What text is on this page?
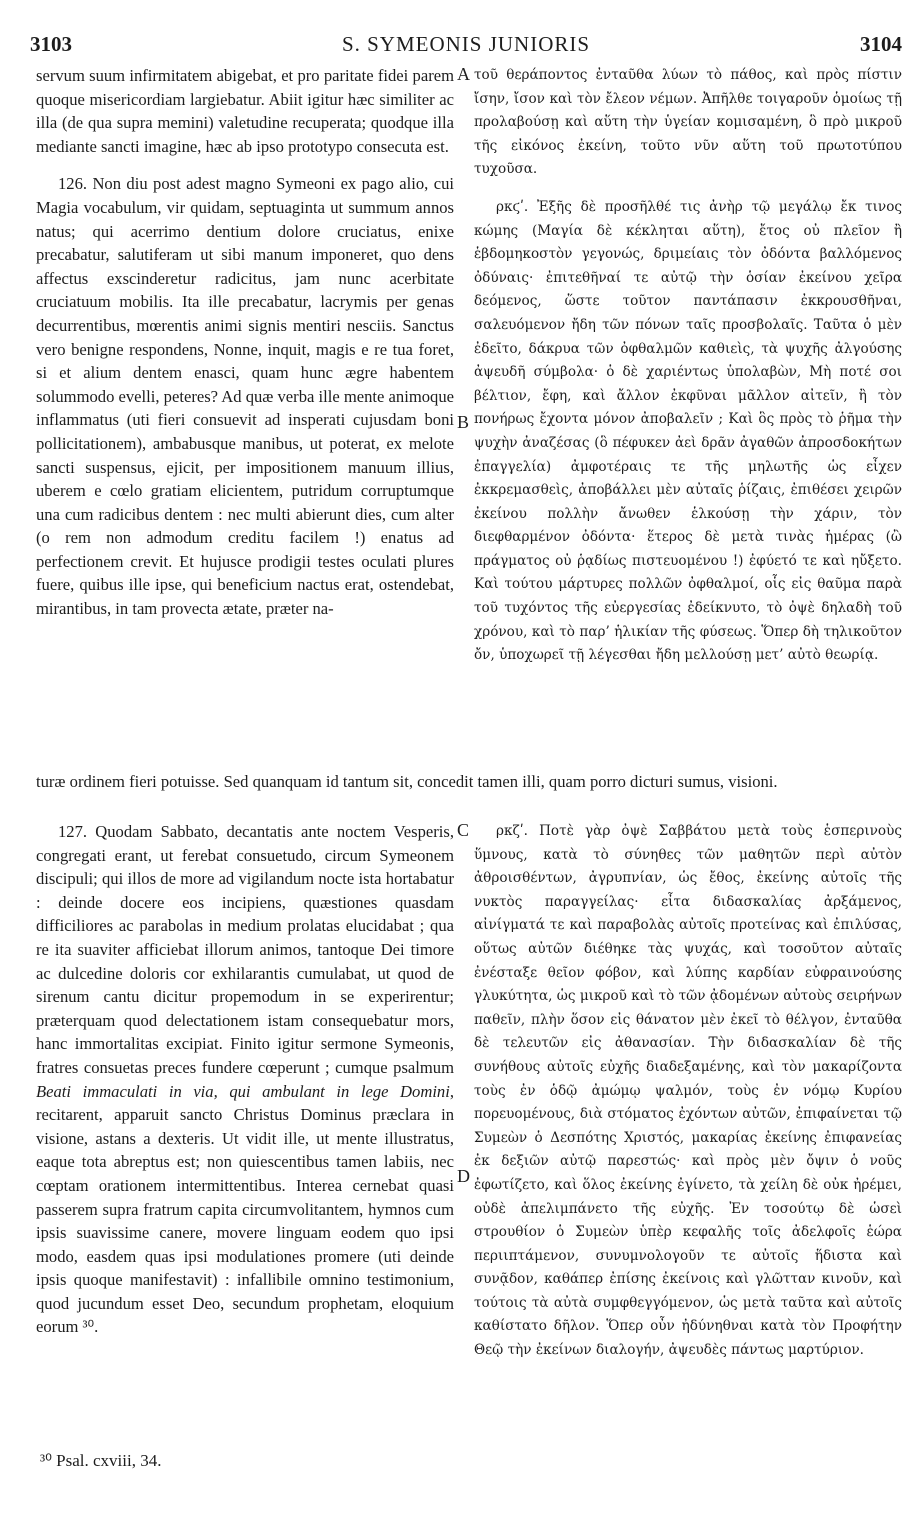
3103	S. SYMEONIS JUNIORIS	3104

servum suum infirmitatem abigebat, et pro paritate fidei parem quoque misericordiam largiebatur. Abiit igitur hæc similiter ac illa (de qua supra memini) valetudine recuperata; quodque illa mediante sancti imagine, hæc ab ipso prototypo consecuta est.

126. Non diu post adest magno Symeoni ex pago alio, cui Magia vocabulum, vir quidam, septuaginta ut summum annos natus; qui acerrimo dentium dolore cruciatus, enixe precabatur, salutiferam ut sibi manum imponeret, quo dens affectus exscinderetur radicitus, jam nunc acerbitate cruciatuum mobilis. Ita ille precabatur, lacrymis per genas decurrentibus, mœrentis animi signis mentiri nesciis. Sanctus vero benigne respondens, Nonne, inquit, magis e re tua foret, si et alium dentem enasci, quam hunc ægre habentem solummodo evelli, peteres? Ad quæ verba ille mente animoque inflammatus (uti fieri consuevit ad insperati cujusdam boni pollicitationem), ambabusque manibus, ut poterat, ex melote sancti suspensus, ejicit, per impositionem manuum illius, uberem e cœlo gratiam elicientem, putridum corruptumque una cum radicibus dentem : nec multi abierunt dies, cum alter (o rem non admodum creditu facilem !) enatus ad perfectionem crevit. Et hujusce prodigii testes oculati plures fuere, quibus ille ipse, qui beneficium nactus erat, ostendebat, mirantibus, in tam provecta ætate, præter na-

τοῦ θεράποντος ἐνταῦθα λύων τὸ πάθος, καὶ πρὸς πίστιν ἴσην, ἴσον καὶ τὸν ἔλεον νέμων. Ἀπῆλθε τοιγαροῦν ὁμοίως τῇ προλαβούσῃ καὶ αὕτη τὴν ὑγείαν κομισαμένη, ὃ πρὸ μικροῦ τῆς εἰκόνος ἐκείνη, τοῦτο νῦν αὕτη τοῦ πρωτοτύπου τυχοῦσα.

ρκϛʹ. Ἐξῆς δὲ προσῆλθέ τις ἀνὴρ τῷ μεγάλῳ ἔκ τινος κώμης (Μαγία δὲ κέκληται αὕτη), ἔτος οὐ πλεῖον ἢ ἑβδομηκοστὸν γεγονώς, δριμείαις τὸν ὀδόντα βαλλόμενος ὀδύναις· ἐπιτεθῆναί τε αὐτῷ τὴν ὁσίαν ἐκείνου χεῖρα δεόμενος, ὥστε τοῦτον παντάπασιν ἐκκρουσθῆναι, σαλευόμενον ἤδη τῶν πόνων ταῖς προσβολαῖς. Ταῦτα ὁ μὲν ἐδεῖτο, δάκρυα τῶν ὀφθαλμῶν καθιεὶς, τὰ ψυχῆς ἀλγούσης ἀψευδῆ σύμβολα· ὁ δὲ χαριέντως ὑπολαβὼν, Μὴ ποτέ σοι βέλτιον, ἔφη, καὶ ἄλλον ἐκφῦναι μᾶλλον αἰτεῖν, ἢ τὸν πονήρως ἔχοντα μόνον ἀποβαλεῖν ; Καὶ ὃς πρὸς τὸ ῥῆμα τὴν ψυχὴν ἀναζέσας (ὃ πέφυκεν ἀεὶ δρᾶν ἀγαθῶν ἀπροσδοκήτων ἐπαγγελία) ἀμφοτέραις τε τῆς μηλωτῆς ὡς εἶχεν ἐκκρεμασθεὶς, ἀποβάλλει μὲν αὐταῖς ῥίζαις, ἐπιθέσει χειρῶν ἐκείνου πολλὴν ἄνωθεν ἑλκούσῃ τὴν χάριν, τὸν διεφθαρμένον ὀδόντα· ἕτερος δὲ μετὰ τινὰς ἡμέρας (ὢ πράγματος οὐ ῥᾳδίως πιστευομένου !) ἐφύετό τε καὶ ηὔξετο. Καὶ τούτου μάρτυρες πολλῶν ὀφθαλμοί, οἷς εἰς θαῦμα παρὰ τοῦ τυχόντος τῆς εὐεργεσίας ἐδείκνυτο, τὸ ὀψὲ δηλαδὴ τοῦ χρόνου, καὶ τὸ παρ’ ἡλικίαν τῆς φύσεως. Ὅπερ δὴ τηλικοῦτον ὄν, ὑποχωρεῖ τῇ λέγεσθαι ἤδη μελλούσῃ μετ’ αὐτὸ θεωρίᾳ.

turæ ordinem fieri potuisse. Sed quanquam id tantum sit, concedit tamen illi, quam porro dicturi sumus, visioni.

127. Quodam Sabbato, decantatis ante noctem Vesperis, congregati erant, ut ferebat consuetudo, circum Symeonem discipuli; qui illos de more ad vigilandum nocte ista hortabatur : deinde docere eos incipiens, quæstiones quasdam difficiliores ac parabolas in medium prolatas elucidabat ; qua re ita suaviter afficiebat illorum animos, tantoque Dei timore ac dulcedine doloris cor exhilarantis cumulabat, ut quod de sirenum cantu dicitur propemodum in se experirentur; præterquam quod delectationem istam consequebatur mors, hanc immortalitas excipiat. Finito igitur sermone Symeonis, fratres consuetas preces fundere cœperunt ; cumque psalmum Beati immaculati in via, qui ambulant in lege Domini, recitarent, apparuit sancto Christus Dominus præclara in visione, astans a dexteris. Ut vidit ille, ut mente illustratus, eaque tota abreptus est; non quiescentibus tamen labiis, nec cœptam orationem intermittentibus. Interea cernebat quasi passerem supra fratrum capita circumvolitantem, hymnos cum ipsis suavissime canere, movere linguam eodem quo ipsi modo, easdem quas ipsi modulationes promere (uti deinde ipsis quoque manifestavit) : infallibile omnino testimonium, quod jucundum esset Deo, secundum prophetam, eloquium eorum ³⁰.

ρκζʹ. Ποτὲ γὰρ ὀψὲ Σαββάτου μετὰ τοὺς ἑσπερινοὺς ὕμνους, κατὰ τὸ σύνηθες τῶν μαθητῶν περὶ αὐτὸν ἀθροισθέντων, ἀγρυπνίαν, ὡς ἔθος, ἐκείνης αὐτοῖς τῆς νυκτὸς παραγγείλας· εἶτα διδασκαλίας ἀρξάμενος, αἰνίγματά τε καὶ παραβολὰς αὐτοῖς προτείνας καὶ ἐπιλύσας, οὕτως αὐτῶν διέθηκε τὰς ψυχάς, καὶ τοσοῦτον αὐταῖς ἐνέσταξε θεῖον φόβον, καὶ λύπης καρδίαν εὐφραινούσης γλυκύτητα, ὡς μικροῦ καὶ τὸ τῶν ᾀδομένων αὐτοὺς σειρήνων παθεῖν, πλὴν ὅσον εἰς θάνατον μὲν ἐκεῖ τὸ θέλγον, ἐνταῦθα δὲ τελευτῶν εἰς ἀθανασίαν. Τὴν διδασκαλίαν δὲ τῆς συνήθους αὐτοῖς εὐχῆς διαδεξαμένης, καὶ τὸν μακαρίζοντα τοὺς ἐν ὁδῷ ἀμώμῳ ψαλμόν, τοὺς ἐν νόμῳ Κυρίου πορευομένους, διὰ στόματος ἐχόντων αὐτῶν, ἐπιφαίνεται τῷ Συμεὼν ὁ Δεσπότης Χριστός, μακαρίας ἐκείνης ἐπιφανείας ἐκ δεξιῶν αὐτῷ παρεστώς· καὶ πρὸς μὲν ὄψιν ὁ νοῦς ἐφωτίζετο, καὶ ὅλος ἐκείνης ἐγίνετο, τὰ χείλη δὲ οὐκ ἠρέμει, οὐδὲ ἀπελιμπάνετο τῆς εὐχῆς. Ἐν τοσούτῳ δὲ ὡσεὶ στρουθίον ὁ Συμεὼν ὑπὲρ κεφαλῆς τοῖς ἀδελφοῖς ἑώρα περιιπτάμενον, συνυμνολογοῦν τε αὐτοῖς ἥδιστα καὶ συνᾷδον, καθάπερ ἐπίσης ἐκείνοις καὶ γλῶτταν κινοῦν, καὶ τούτοις τὰ αὐτὰ συμφθεγγόμενον, ὡς μετὰ ταῦτα καὶ αὐτοῖς καθίστατο δῆλον. Ὅπερ οὖν ἠδύνηθναι κατὰ τὸν Προφήτην Θεῷ τὴν ἐκείνων διαλογήν, ἀψευδὲς πάντως μαρτύριον.

A
B
C
D
³⁰ Psal. cxviii, 34.
